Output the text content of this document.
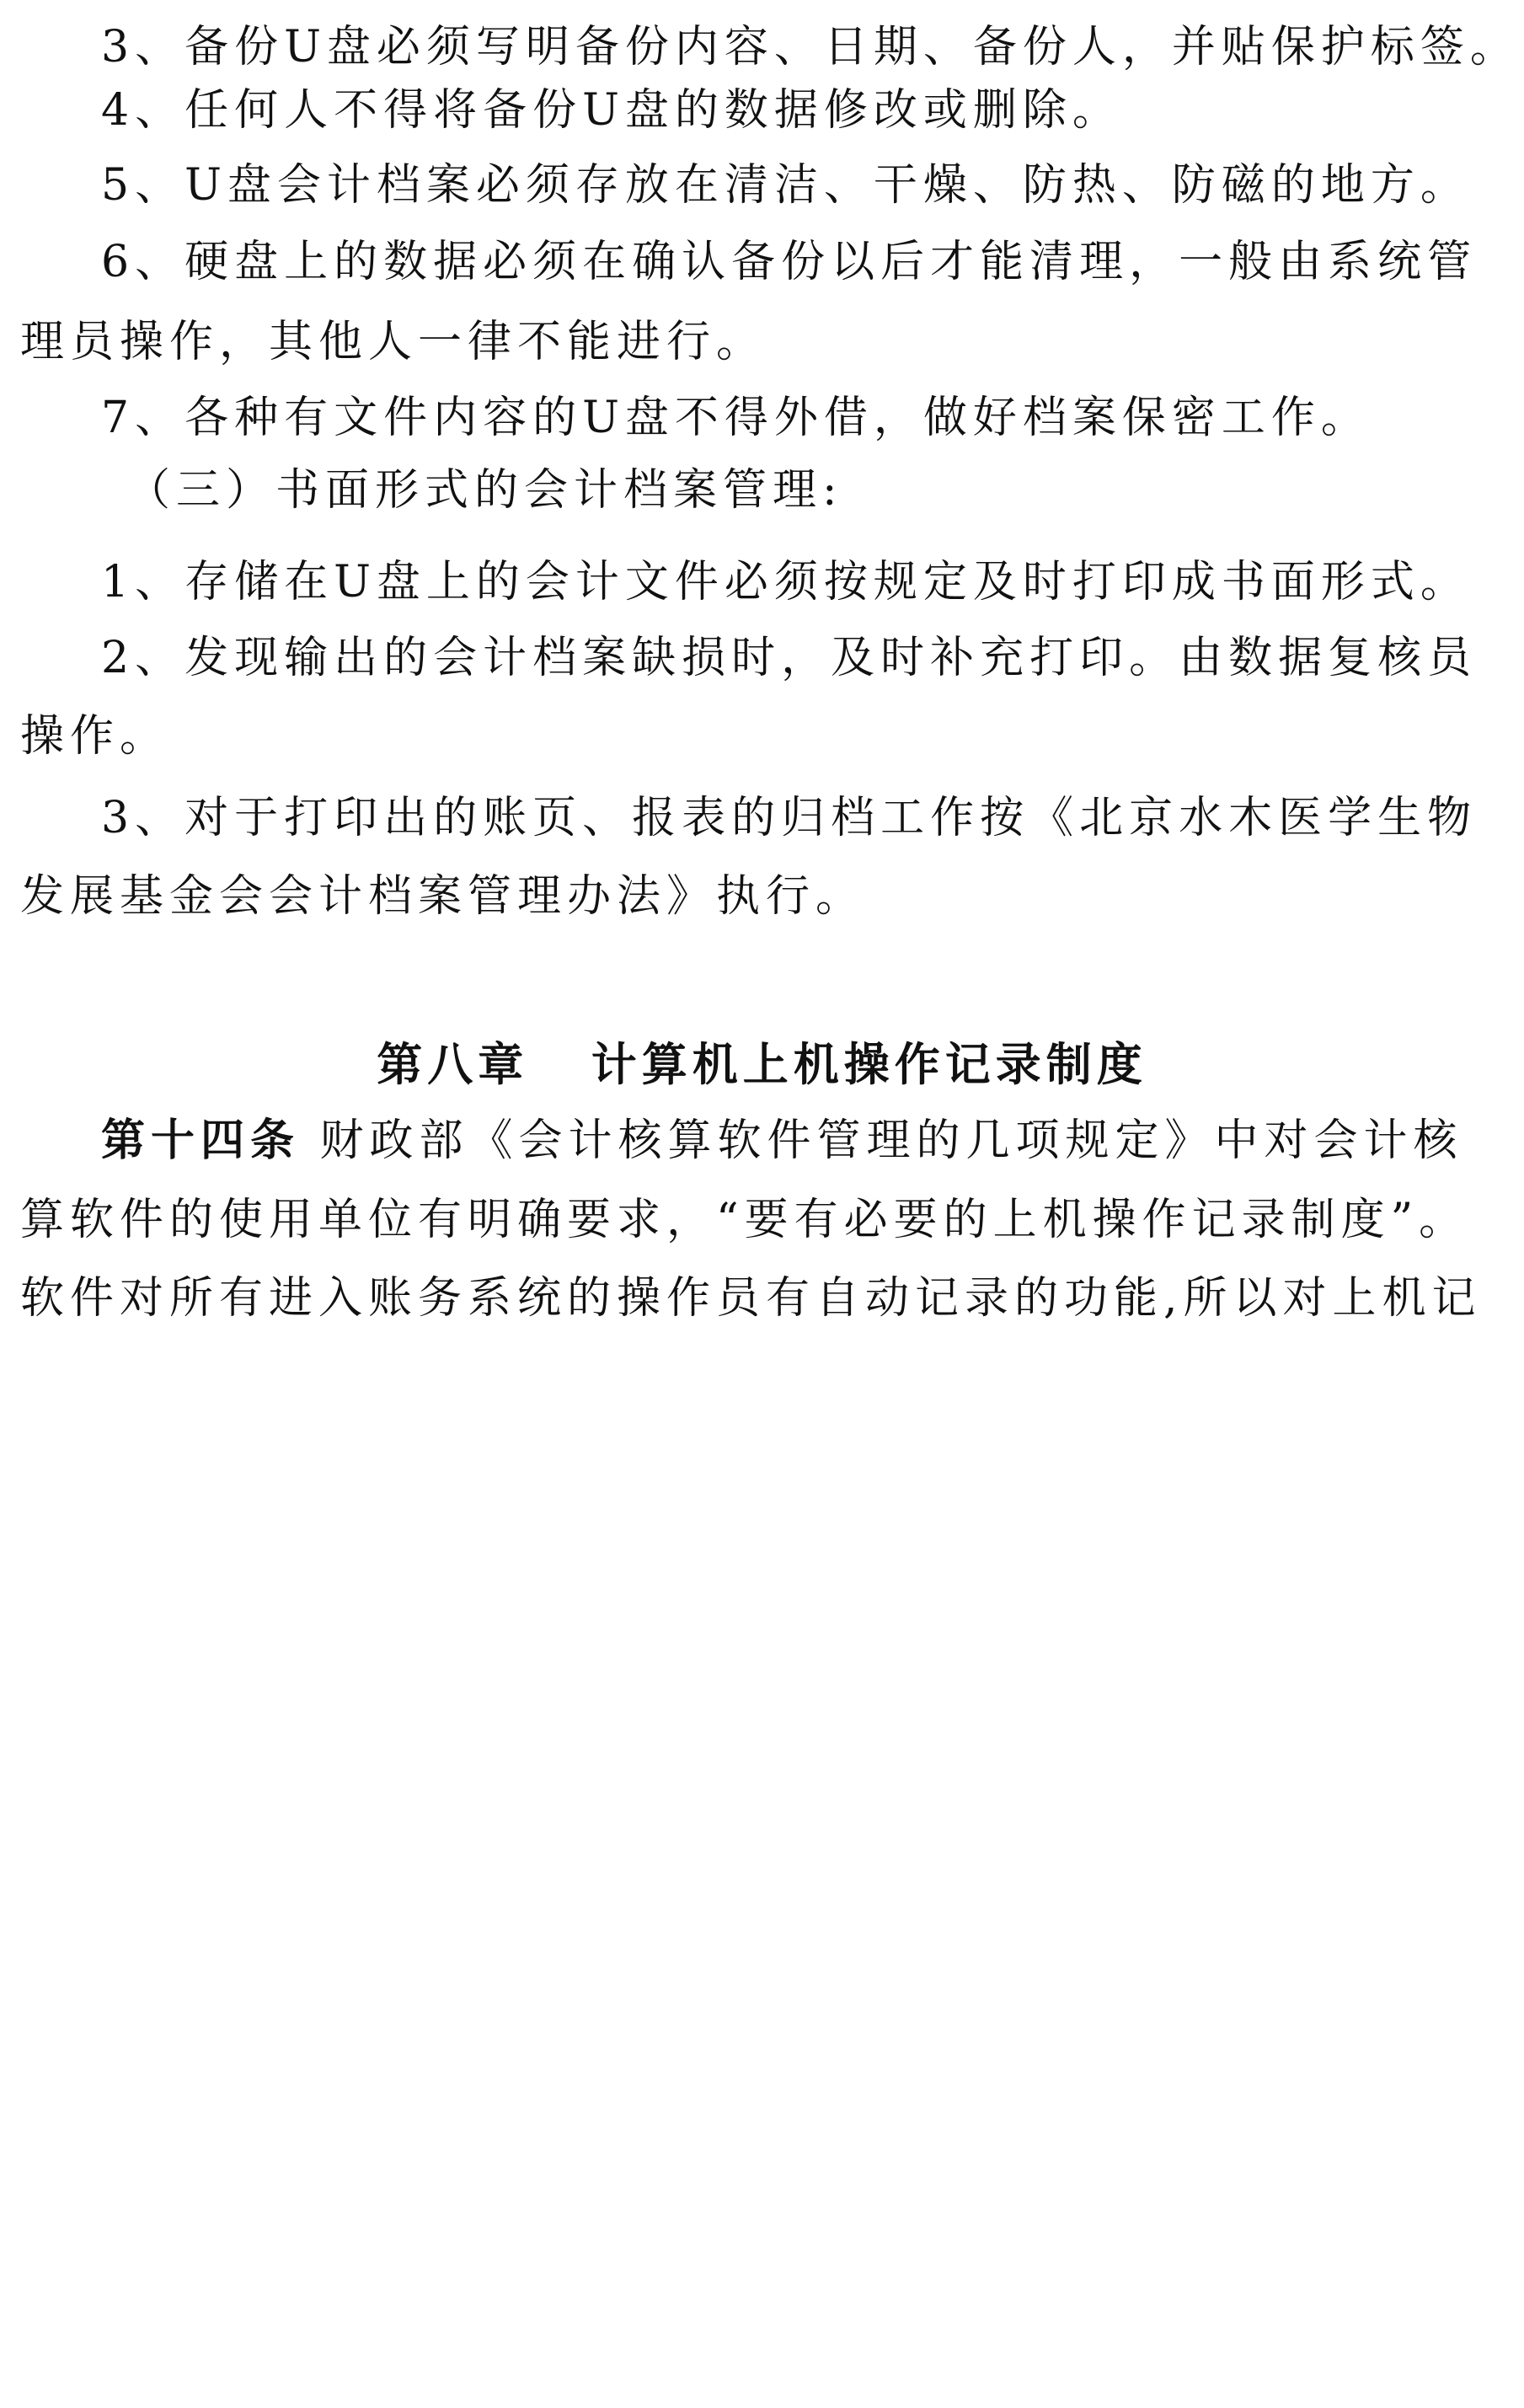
3、备份U盘必须写明备份内容、日期、备份人，并贴保护标签。
4、任何人不得将备份U盘的数据修改或删除。
5、U盘会计档案必须存放在清洁、干燥、防热、防磁的地方。
6、硬盘上的数据必须在确认备份以后才能清理，一般由系统管
理员操作，其他人一律不能进行。
7、各种有文件内容的U盘不得外借，做好档案保密工作。
（三）书面形式的会计档案管理:
1、存储在U盘上的会计文件必须按规定及时打印成书面形式。
2、发现输出的会计档案缺损时，及时补充打印。由数据复核员
操作。
3、对于打印出的账页、报表的归档工作按《北京水木医学生物
发展基金会会计档案管理办法》执行。
第八章   计算机上机操作记录制度
第十四条 财政部《会计核算软件管理的几项规定》中对会计核
算软件的使用单位有明确要求，“要有必要的上机操作记录制度”。
软件对所有进入账务系统的操作员有自动记录的功能,所以对上机记
